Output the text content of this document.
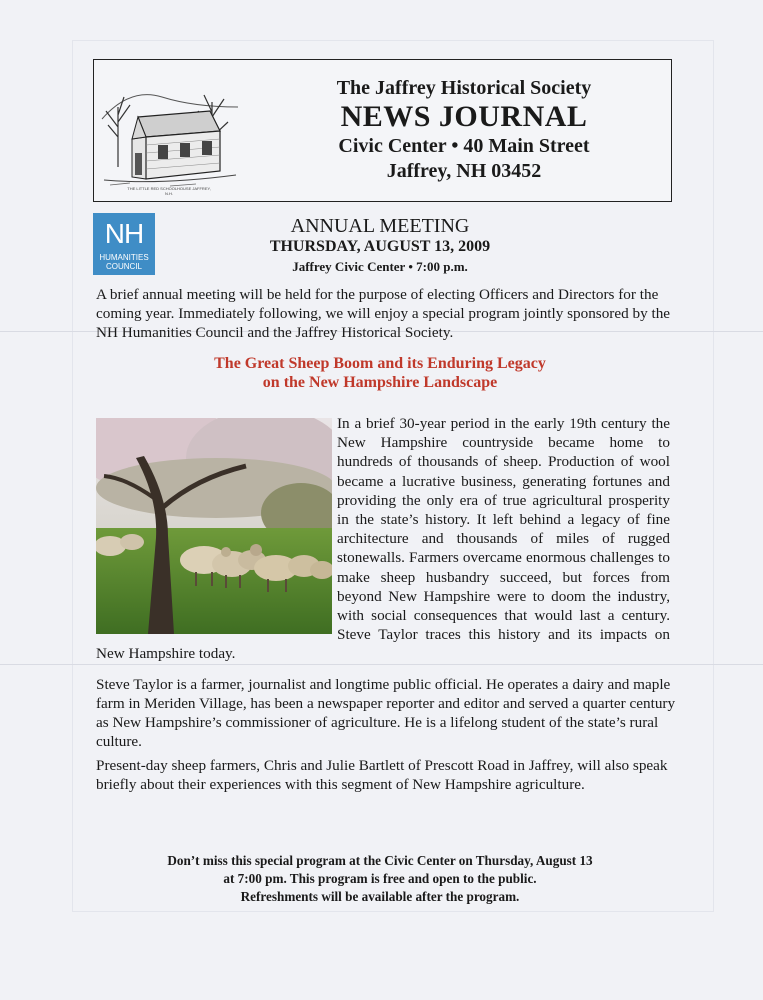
THE LITTLE RED SCHOOLHOUSE JAFFREY, N.H.
The Jaffrey Historical Society
NEWS JOURNAL
Civic Center • 40 Main Street
Jaffrey, NH 03452
NH
HUMANITIES
COUNCIL
ANNUAL MEETING
THURSDAY, AUGUST 13, 2009
Jaffrey Civic Center • 7:00 p.m.
A brief annual meeting will be held for the purpose of electing Officers and Directors for the coming year. Immediately following, we will enjoy a special program jointly sponsored by the NH Humanities Council and the Jaffrey Historical Society.
The Great Sheep Boom and its Enduring Legacy
on the New Hampshire Landscape
In a brief 30-year period in the early 19th century the New Hampshire countryside became home to hundreds of thousands of sheep. Production of wool became a lucrative business, generating fortunes and providing the only era of true agricultural prosperity in the state’s history. It left behind a legacy of fine architecture and thousands of miles of rugged stonewalls. Farmers overcame enormous challenges to make sheep husbandry succeed, but forces from beyond New Hampshire were to doom the industry, with social consequences that would last a century. Steve Taylor traces this history and its impacts on New Hampshire today.
Steve Taylor is a farmer, journalist and longtime public official. He operates a dairy and maple farm in Meriden Village, has been a newspaper reporter and editor and served a quarter century as New Hampshire’s commissioner of agriculture. He is a lifelong student of the state’s rural culture.
Present-day sheep farmers, Chris and Julie Bartlett of Prescott Road in Jaffrey, will also speak briefly about their experiences with this segment of New Hampshire agriculture.
Don’t miss this special program at the Civic Center on Thursday, August 13
at 7:00 pm. This program is free and open to the public.
Refreshments will be available after the program.
